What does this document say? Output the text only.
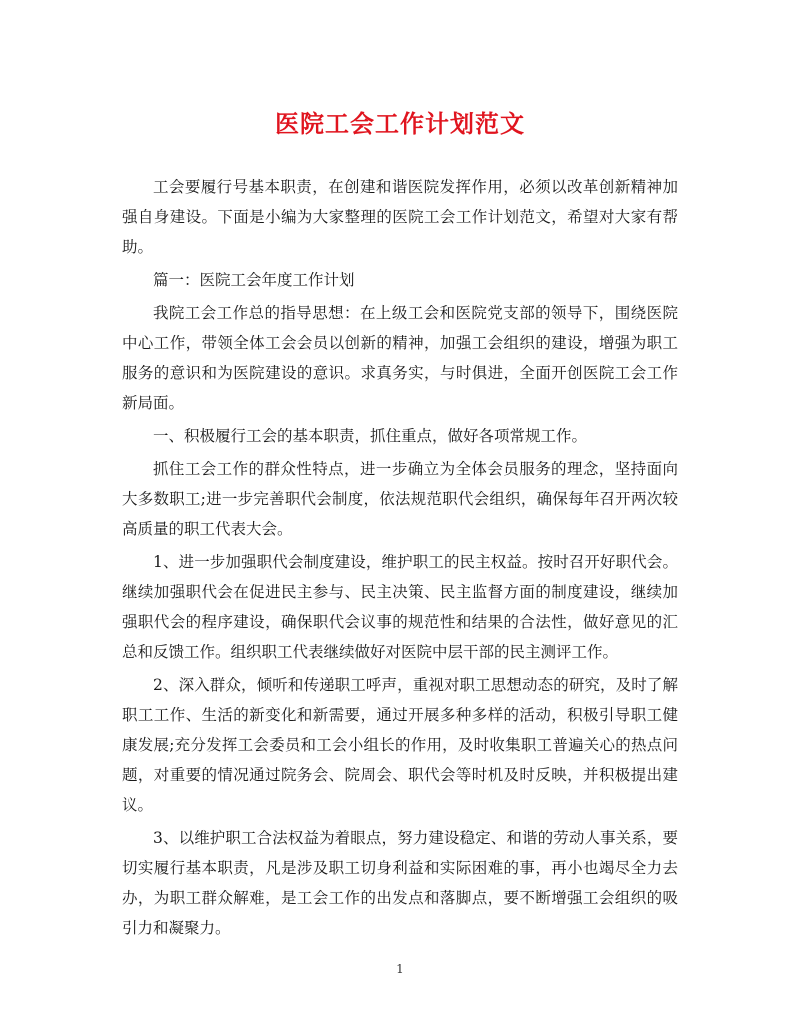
医院工会工作计划范文

工会要履行号基本职责，在创建和谐医院发挥作用，必须以改革创新精神加强自身建设。下面是小编为大家整理的医院工会工作计划范文，希望对大家有帮助。

篇一：医院工会年度工作计划

我院工会工作总的指导思想：在上级工会和医院党支部的领导下，围绕医院中心工作，带领全体工会会员以创新的精神，加强工会组织的建设，增强为职工服务的意识和为医院建设的意识。求真务实，与时俱进，全面开创医院工会工作新局面。

一、积极履行工会的基本职责，抓住重点，做好各项常规工作。

抓住工会工作的群众性特点，进一步确立为全体会员服务的理念，坚持面向大多数职工;进一步完善职代会制度，依法规范职代会组织，确保每年召开两次较高质量的职工代表大会。

1、进一步加强职代会制度建设，维护职工的民主权益。按时召开好职代会。继续加强职代会在促进民主参与、民主决策、民主监督方面的制度建设，继续加强职代会的程序建设，确保职代会议事的规范性和结果的合法性，做好意见的汇总和反馈工作。组织职工代表继续做好对医院中层干部的民主测评工作。

2、深入群众，倾听和传递职工呼声，重视对职工思想动态的研究，及时了解职工工作、生活的新变化和新需要，通过开展多种多样的活动，积极引导职工健康发展;充分发挥工会委员和工会小组长的作用，及时收集职工普遍关心的热点问题，对重要的情况通过院务会、院周会、职代会等时机及时反映，并积极提出建议。

3、以维护职工合法权益为着眼点，努力建设稳定、和谐的劳动人事关系，要切实履行基本职责，凡是涉及职工切身利益和实际困难的事，再小也竭尽全力去办，为职工群众解难，是工会工作的出发点和落脚点，要不断增强工会组织的吸引力和凝聚力。

1
